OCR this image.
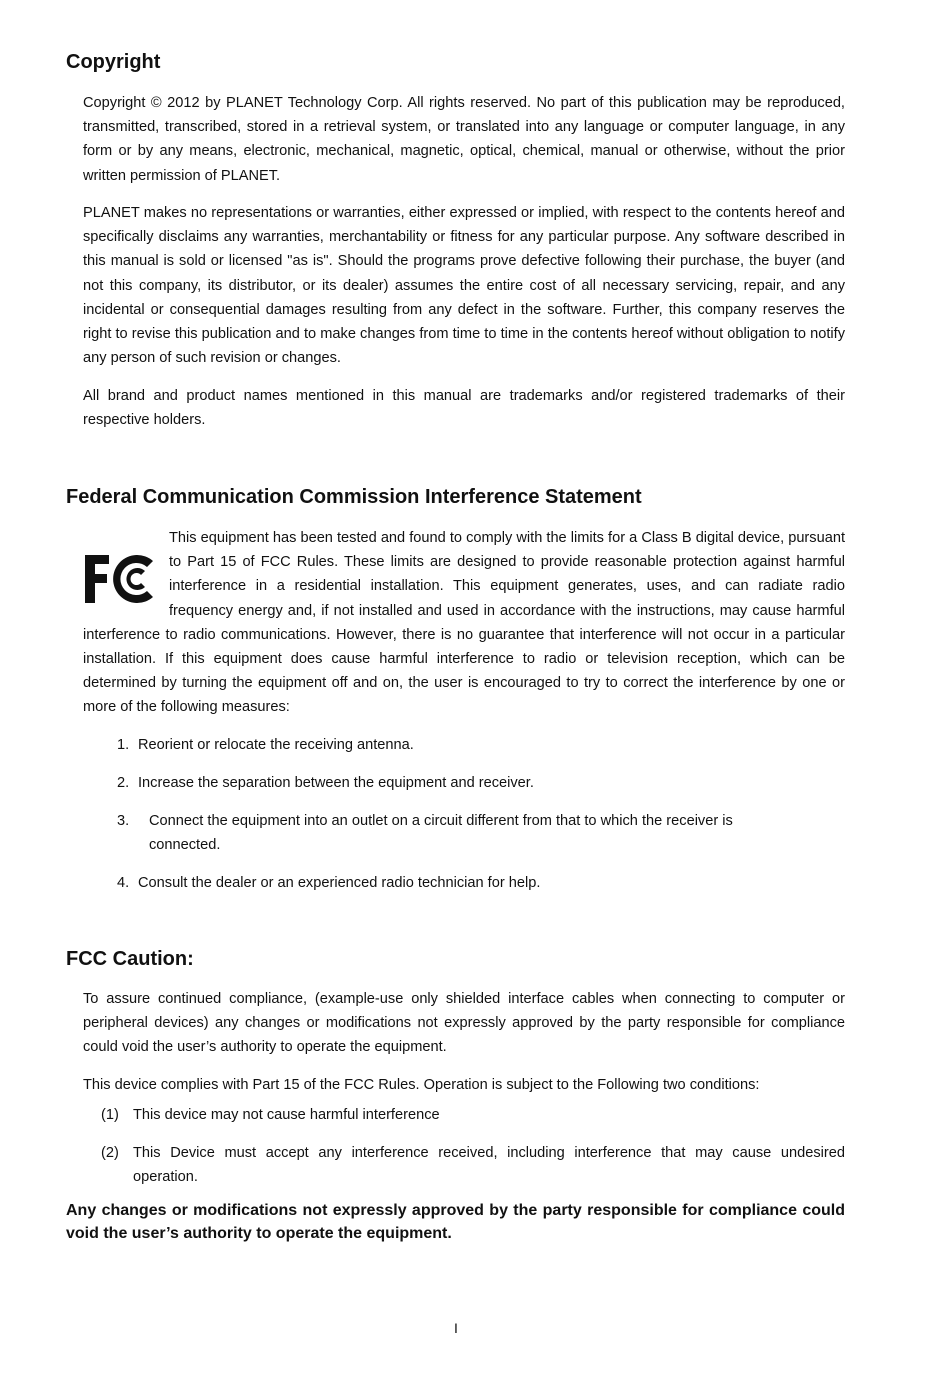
Copyright

Copyright © 2012 by PLANET Technology Corp. All rights reserved. No part of this publication may be reproduced, transmitted, transcribed, stored in a retrieval system, or translated into any language or computer language, in any form or by any means, electronic, mechanical, magnetic, optical, chemical, manual or otherwise, without the prior written permission of PLANET.

PLANET makes no representations or warranties, either expressed or implied, with respect to the contents hereof and specifically disclaims any warranties, merchantability or fitness for any particular purpose. Any software described in this manual is sold or licensed "as is". Should the programs prove defective following their purchase, the buyer (and not this company, its distributor, or its dealer) assumes the entire cost of all necessary servicing, repair, and any incidental or consequential damages resulting from any defect in the software. Further, this company reserves the right to revise this publication and to make changes from time to time in the contents hereof without obligation to notify any person of such revision or changes.

All brand and product names mentioned in this manual are trademarks and/or registered trademarks of their respective holders.

Federal Communication Commission Interference Statement

This equipment has been tested and found to comply with the limits for a Class B digital device, pursuant to Part 15 of FCC Rules. These limits are designed to provide reasonable protection against harmful interference in a residential installation. This equipment generates, uses, and can radiate radio frequency energy and, if not installed and used in accordance with the instructions, may cause harmful interference to radio communications. However, there is no guarantee that interference will not occur in a particular installation. If this equipment does cause harmful interference to radio or television reception, which can be determined by turning the equipment off and on, the user is encouraged to try to correct the interference by one or more of the following measures:

1. Reorient or relocate the receiving antenna.
2. Increase the separation between the equipment and receiver.
3. Connect the equipment into an outlet on a circuit different from that to which the receiver is
connected.
4. Consult the dealer or an experienced radio technician for help.
FCC Caution:

To assure continued compliance, (example-use only shielded interface cables when connecting to computer or peripheral devices) any changes or modifications not expressly approved by the party responsible for compliance could void the user’s authority to operate the equipment.

This device complies with Part 15 of the FCC Rules. Operation is subject to the Following two conditions:

(1) This device may not cause harmful interference
(2) This Device must accept any interference received, including interference that may cause undesired operation.

Any changes or modifications not expressly approved by the party responsible for compliance could void the user’s authority to operate the equipment.

I
